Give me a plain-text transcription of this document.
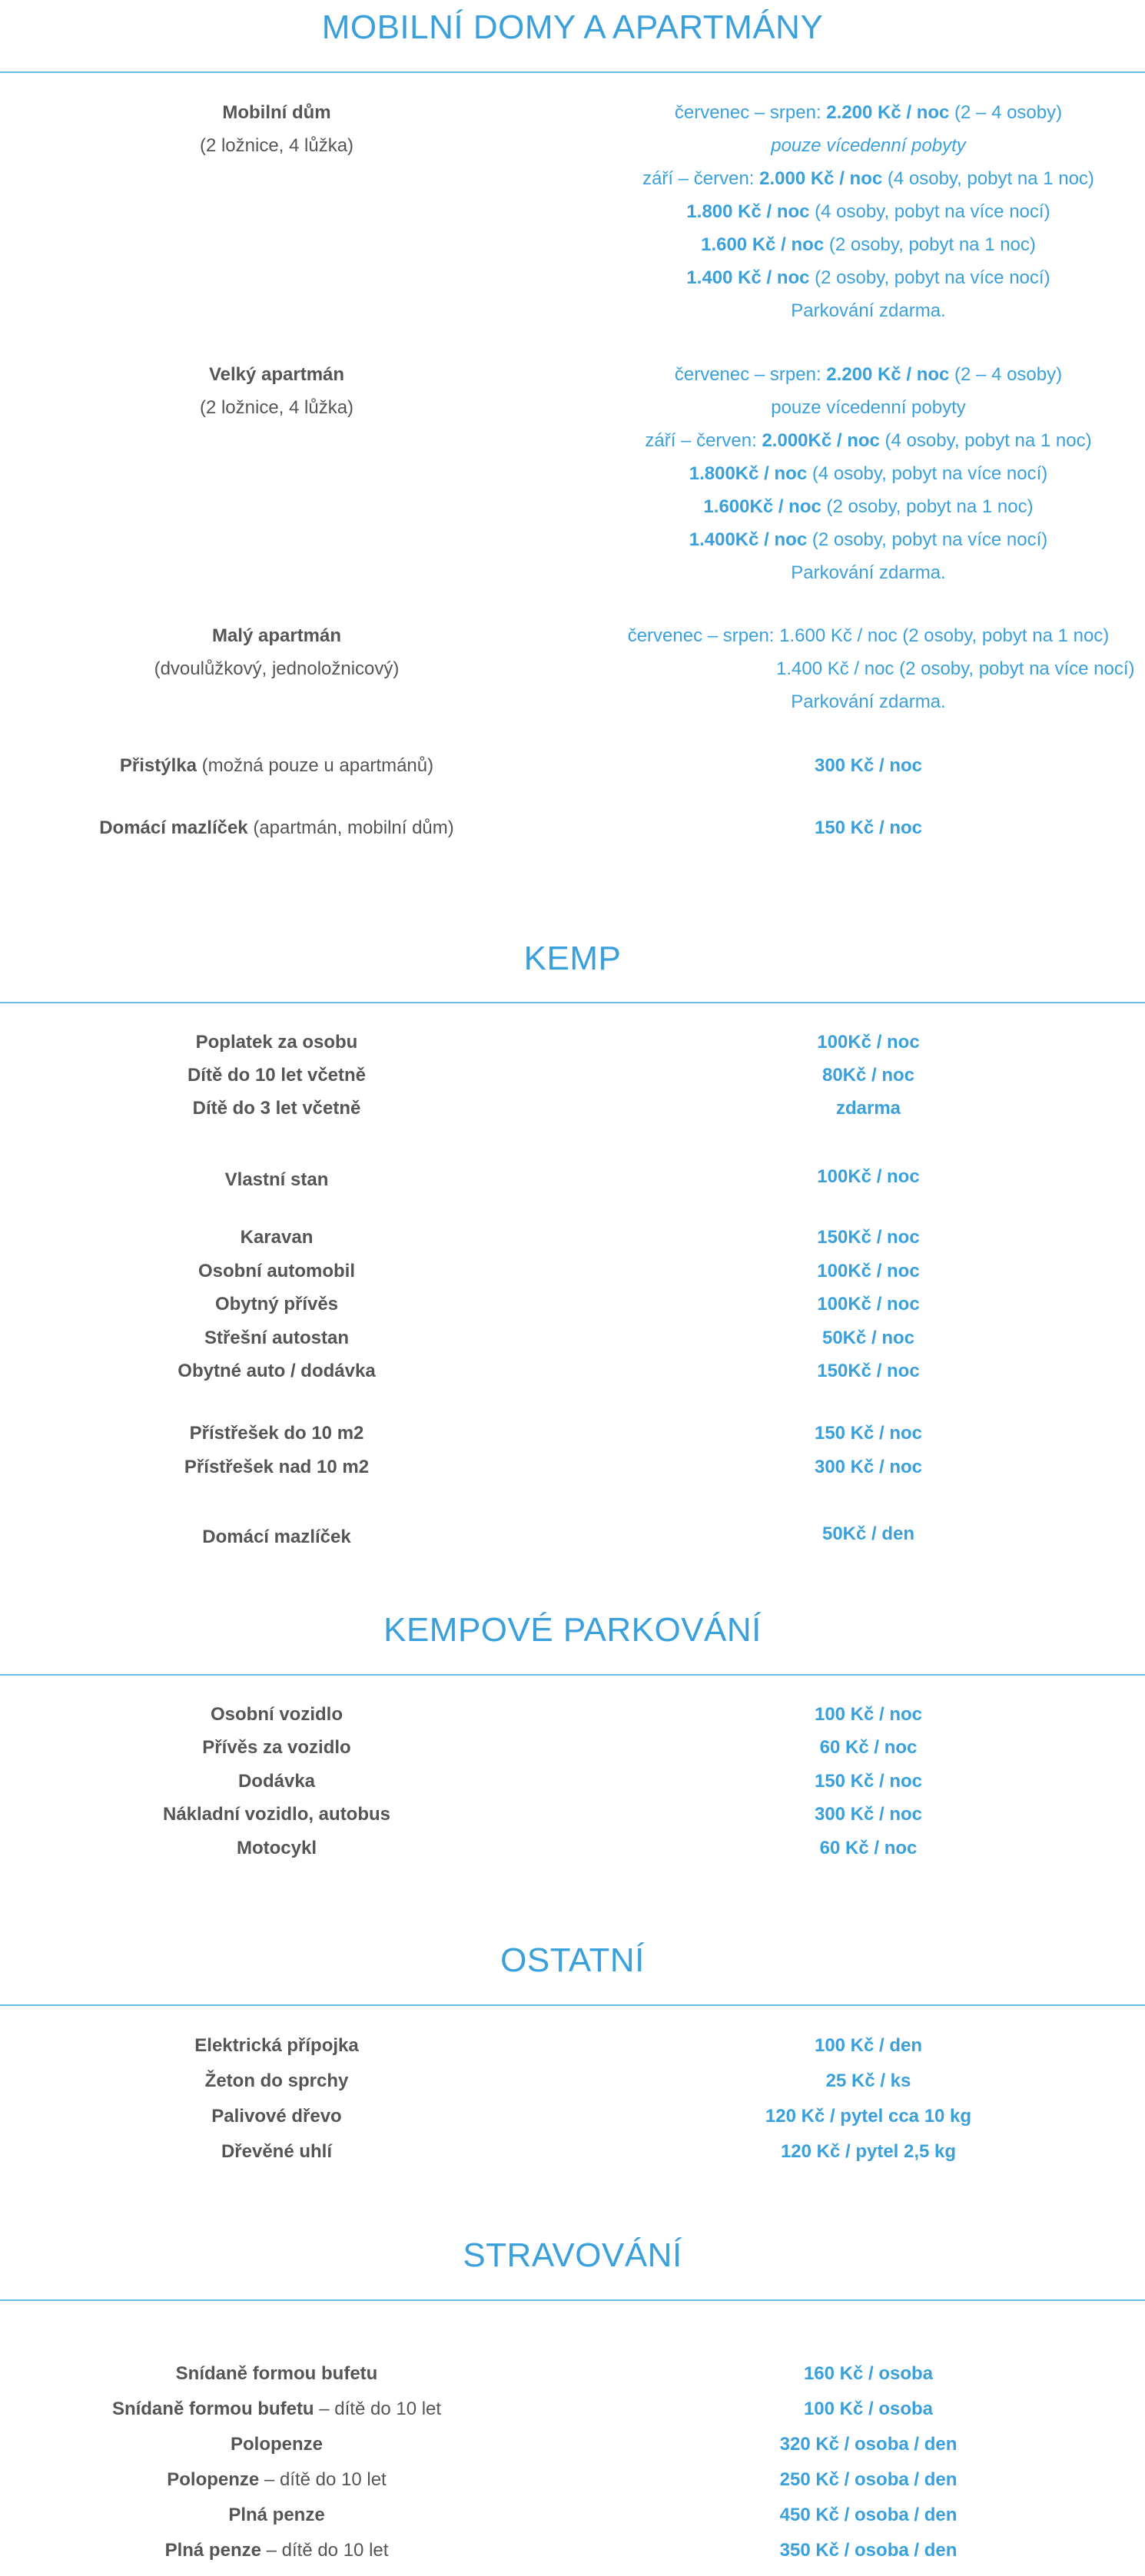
MOBILNÍ DOMY A APARTMÁNY
Mobilní dům	červenec – srpen: 2.200 Kč / noc (2 – 4 osoby)
(2 ložnice, 4 lůžka)	pouze vícedenní pobyty
září – červen: 2.000 Kč / noc (4 osoby, pobyt na 1 noc)
1.800 Kč / noc (4 osoby, pobyt na více nocí)
1.600 Kč / noc (2 osoby, pobyt na 1 noc)
1.400 Kč / noc (2 osoby, pobyt na více nocí)
Parkování zdarma.
Velký apartmán	červenec – srpen: 2.200 Kč / noc (2 – 4 osoby)
(2 ložnice, 4 lůžka)	pouze vícedenní pobyty
září – červen: 2.000Kč / noc (4 osoby, pobyt na 1 noc)
1.800Kč / noc (4 osoby, pobyt na více nocí)
1.600Kč / noc (2 osoby, pobyt na 1 noc)
1.400Kč / noc (2 osoby, pobyt na více nocí)
Parkování zdarma.
Malý apartmán	červenec – srpen: 1.600 Kč / noc (2 osoby, pobyt na 1 noc)
(dvoulůžkový, jednoložnicový)	1.400 Kč / noc (2 osoby, pobyt na více nocí)
Parkování zdarma.
Přistýlka (možná pouze u apartmánů)	300 Kč / noc
Domácí mazlíček (apartmán, mobilní dům)	150 Kč / noc
KEMP
Poplatek za osobu	100Kč / noc
Dítě do 10 let včetně	80Kč / noc
Dítě do 3 let včetně	zdarma
Vlastní stan	100Kč / noc
Karavan	150Kč / noc
Osobní automobil	100Kč / noc
Obytný přívěs	100Kč / noc
Střešní autostan	50Kč / noc
Obytné auto / dodávka	150Kč / noc
Přístřešek do 10 m2	150 Kč / noc
Přístřešek nad 10 m2	300 Kč / noc
Domácí mazlíček	50Kč / den
KEMPOVÉ PARKOVÁNÍ
Osobní vozidlo	100 Kč / noc
Přívěs za vozidlo	60 Kč / noc
Dodávka	150 Kč / noc
Nákladní vozidlo, autobus	300 Kč / noc
Motocykl	60 Kč / noc
OSTATNÍ
Elektrická přípojka	100 Kč / den
Žeton do sprchy	25 Kč / ks
Palivové dřevo	120 Kč / pytel cca 10 kg
Dřevěné uhlí	120 Kč / pytel 2,5 kg
STRAVOVÁNÍ
Snídaně formou bufetu	160 Kč / osoba
Snídaně formou bufetu – dítě do 10 let	100 Kč / osoba
Polopenze	320 Kč / osoba / den
Polopenze – dítě do 10 let	250 Kč / osoba / den
Plná penze	450 Kč / osoba / den
Plná penze – dítě do 10 let	350 Kč / osoba / den
